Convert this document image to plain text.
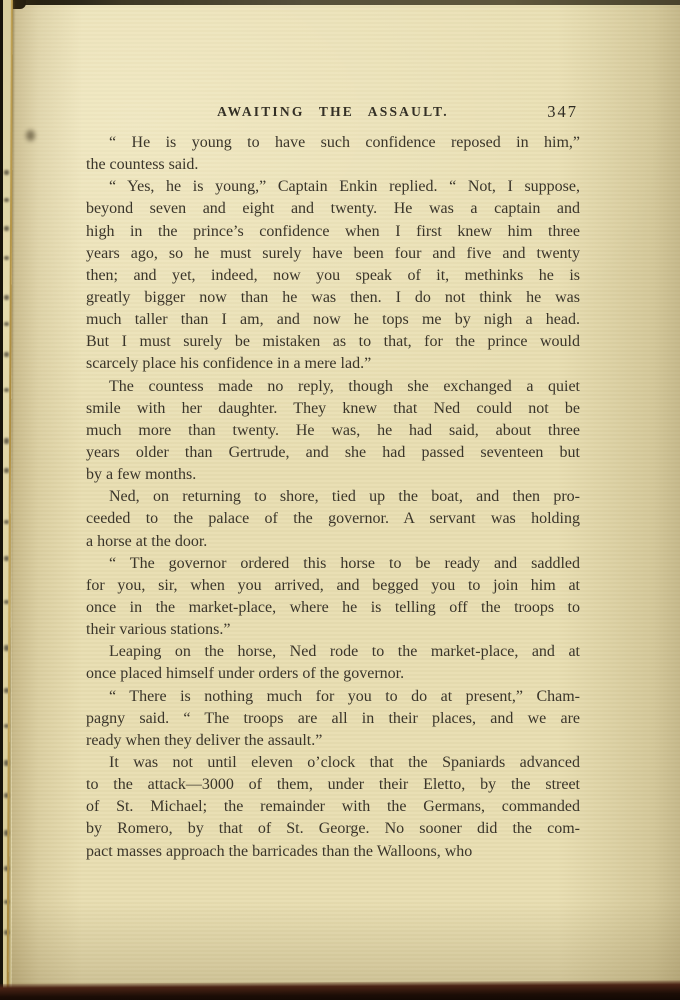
AWAITING THE ASSAULT.	347

“ He is young to have such confidence reposed in him,”
the countess said.

“ Yes, he is young,” Captain Enkin replied. “ Not, I suppose,
beyond seven and eight and twenty. He was a captain and
high in the prince’s confidence when I first knew him three
years ago, so he must surely have been four and five and twenty
then; and yet, indeed, now you speak of it, methinks he is
greatly bigger now than he was then. I do not think he was
much taller than I am, and now he tops me by nigh a head.
But I must surely be mistaken as to that, for the prince would
scarcely place his confidence in a mere lad.”

The countess made no reply, though she exchanged a quiet
smile with her daughter. They knew that Ned could not be
much more than twenty. He was, he had said, about three
years older than Gertrude, and she had passed seventeen but
by a few months.

Ned, on returning to shore, tied up the boat, and then pro-
ceeded to the palace of the governor. A servant was holding
a horse at the door.

“ The governor ordered this horse to be ready and saddled
for you, sir, when you arrived, and begged you to join him at
once in the market-place, where he is telling off the troops to
their various stations.”

Leaping on the horse, Ned rode to the market-place, and at
once placed himself under orders of the governor.

“ There is nothing much for you to do at present,” Cham-
pagny said. “ The troops are all in their places, and we are
ready when they deliver the assault.”

It was not until eleven o’clock that the Spaniards advanced
to the attack—3000 of them, under their Eletto, by the street
of St. Michael; the remainder with the Germans, commanded
by Romero, by that of St. George. No sooner did the com-
pact masses approach the barricades than the Walloons, who
